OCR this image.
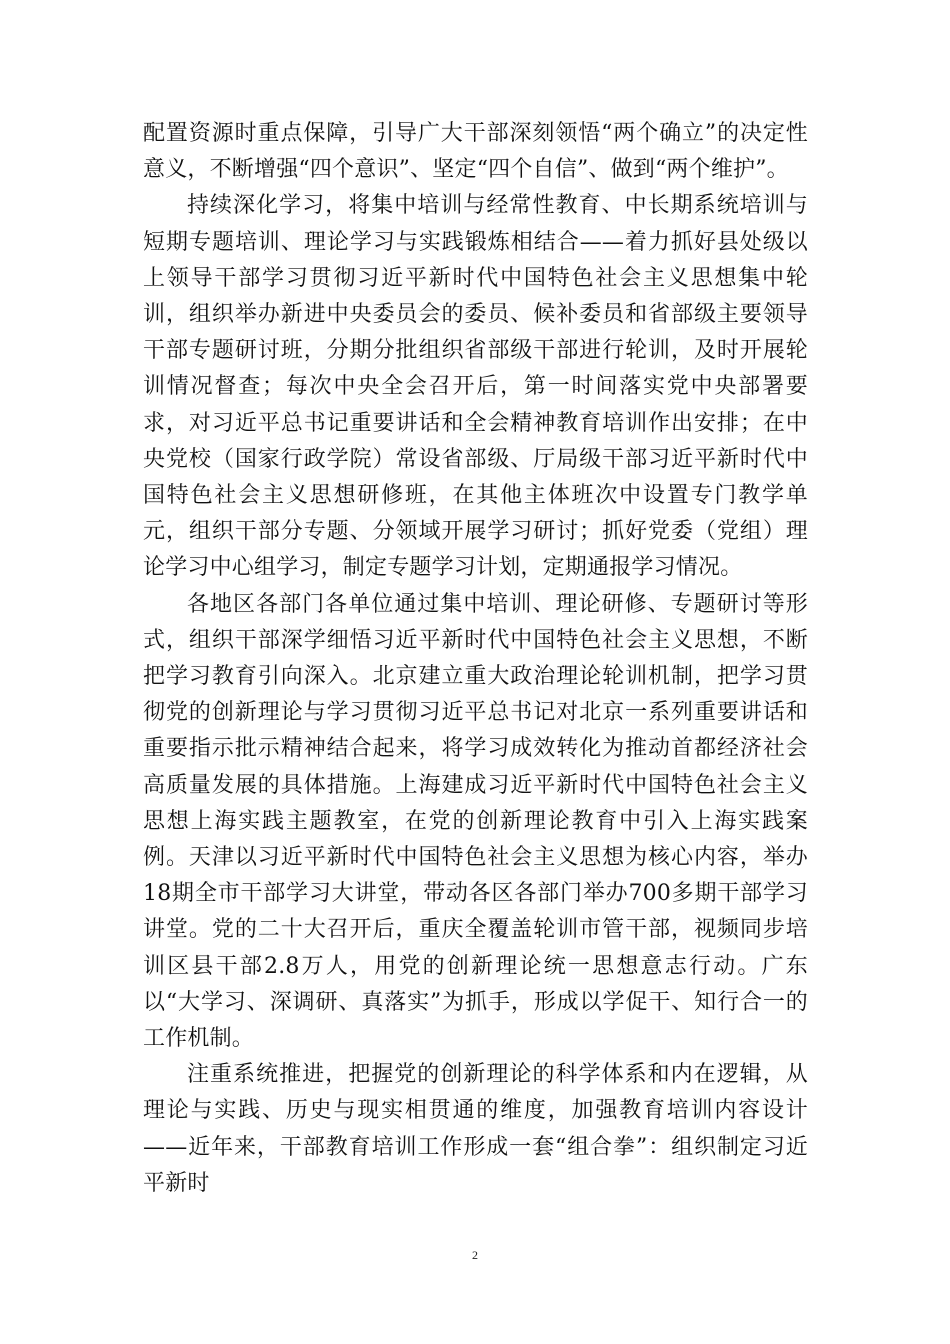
配置资源时重点保障，引导广大干部深刻领悟“两个确立”的决定性意义，不断增强“四个意识”、坚定“四个自信”、做到“两个维护”。

持续深化学习，将集中培训与经常性教育、中长期系统培训与短期专题培训、理论学习与实践锻炼相结合——着力抓好县处级以上领导干部学习贯彻习近平新时代中国特色社会主义思想集中轮训，组织举办新进中央委员会的委员、候补委员和省部级主要领导干部专题研讨班，分期分批组织省部级干部进行轮训，及时开展轮训情况督查；每次中央全会召开后，第一时间落实党中央部署要求，对习近平总书记重要讲话和全会精神教育培训作出安排；在中央党校（国家行政学院）常设省部级、厅局级干部习近平新时代中国特色社会主义思想研修班，在其他主体班次中设置专门教学单元，组织干部分专题、分领域开展学习研讨；抓好党委（党组）理论学习中心组学习，制定专题学习计划，定期通报学习情况。

各地区各部门各单位通过集中培训、理论研修、专题研讨等形式，组织干部深学细悟习近平新时代中国特色社会主义思想，不断把学习教育引向深入。北京建立重大政治理论轮训机制，把学习贯彻党的创新理论与学习贯彻习近平总书记对北京一系列重要讲话和重要指示批示精神结合起来，将学习成效转化为推动首都经济社会高质量发展的具体措施。上海建成习近平新时代中国特色社会主义思想上海实践主题教室，在党的创新理论教育中引入上海实践案例。天津以习近平新时代中国特色社会主义思想为核心内容，举办18期全市干部学习大讲堂，带动各区各部门举办700多期干部学习讲堂。党的二十大召开后，重庆全覆盖轮训市管干部，视频同步培训区县干部2.8万人，用党的创新理论统一思想意志行动。广东以“大学习、深调研、真落实”为抓手，形成以学促干、知行合一的工作机制。

注重系统推进，把握党的创新理论的科学体系和内在逻辑，从理论与实践、历史与现实相贯通的维度，加强教育培训内容设计——近年来，干部教育培训工作形成一套“组合拳”：组织制定习近平新时

2
